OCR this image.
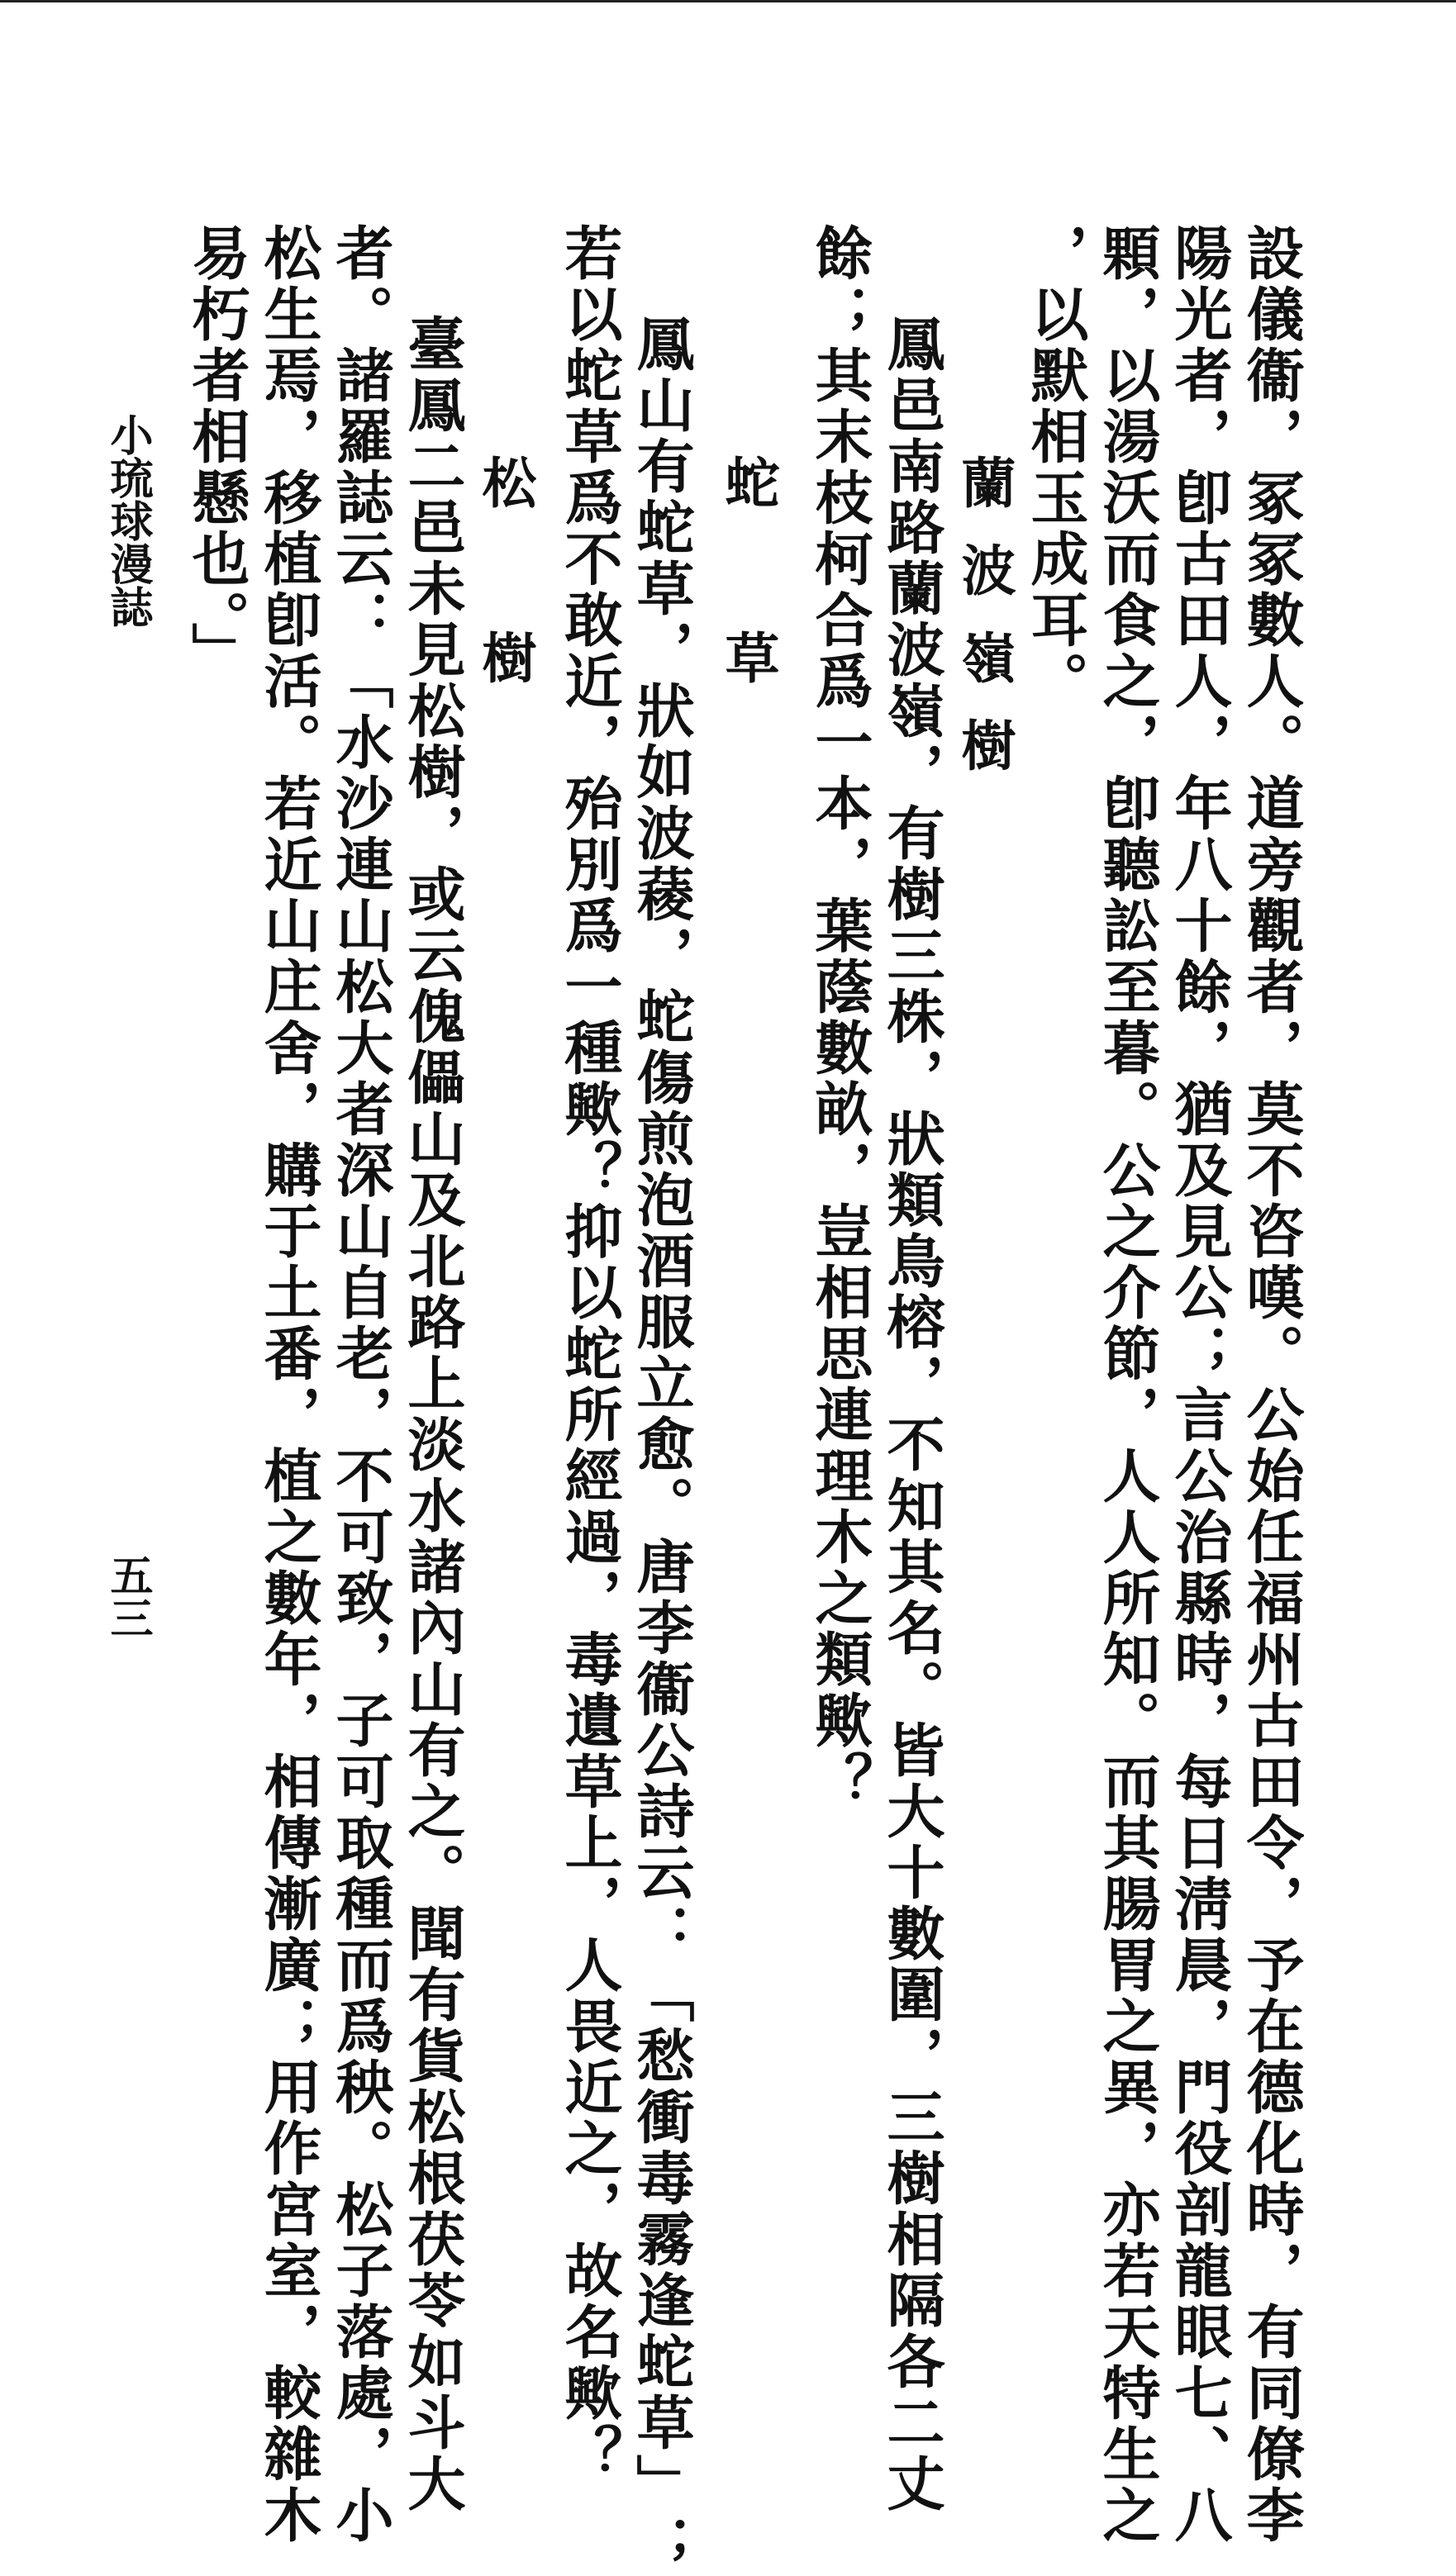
設儀衞，冢冢數人。道旁觀者，莫不咨嘆。公始任福州古田令，予在德化時，有同僚李
陽光者，卽古田人，年八十餘，猶及見公；言公治縣時，每日淸晨，門役剖龍眼七、八
顆，以湯沃而食之，卽聽訟至暮。公之介節，人人所知。而其腸胃之異，亦若天特生之
，以默相玉成耳。
蘭波嶺樹
鳳邑南路蘭波嶺，有樹三株，狀類鳥榕，不知其名。皆大十數圍，三樹相隔各二丈
餘；其末枝柯合爲一本，葉蔭數畝，豈相思連理木之類歟？
蛇　草
鳳山有蛇草，狀如波薐，蛇傷煎泡酒服立愈。唐李衞公詩云：「愁衝毒霧逢蛇草」；
若以蛇草爲不敢近，殆別爲一種歟？抑以蛇所經過，毒遺草上，人畏近之，故名歟？
松　樹
臺鳳二邑未見松樹，或云傀儡山及北路上淡水諸內山有之。聞有貨松根茯苓如斗大
者。諸羅誌云：「水沙連山松大者深山自老，不可致，子可取種而爲秧。松子落處，小
松生焉，移植卽活。若近山庄舍，購于土番，植之數年，相傳漸廣；用作宮室，較雜木
易朽者相懸也。」
小琉球漫誌
五三
